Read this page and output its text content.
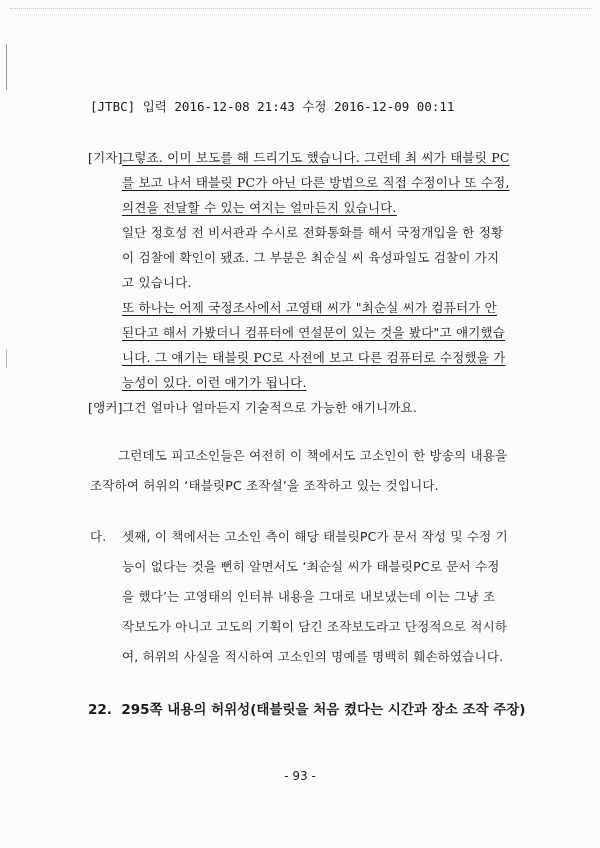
[JTBC] 입력 2016-12-08 21:43 수정 2016-12-09 00:11
[기자] 그렇죠. 이미 보도를 해 드리기도 했습니다. 그런데 최 씨가 태블릿 PC
를 보고 나서 태블릿 PC가 아닌 다른 방법으로 직접 수정이나 또 수정,
의견을 전달할 수 있는 여지는 얼마든지 있습니다.
일단 정호성 전 비서관과 수시로 전화통화를 해서 국정개입을 한 정황
이 검찰에 확인이 됐죠. 그 부분은 최순실 씨 육성파일도 검찰이 가지
고 있습니다.
또 하나는 어제 국정조사에서 고영태 씨가 "최순실 씨가 컴퓨터가 안
된다고 해서 가봤더니 컴퓨터에 연설문이 있는 것을 봤다"고 얘기했습
니다. 그 얘기는 태블릿 PC로 사전에 보고 다른 컴퓨터로 수정했을 가
능성이 있다. 이런 얘기가 됩니다.
[앵커] 그건 얼마나 얼마든지 기술적으로 가능한 얘기니까요.
그런데도 피고소인들은 여전히 이 책에서도 고소인이 한 방송의 내용을
조작하여 허위의 ‘태블릿PC 조작설’을 조작하고 있는 것입니다.
다. 셋째, 이 책에서는 고소인 측이 해당 태블릿PC가 문서 작성 및 수정 기
능이 없다는 것을 뻔히 알면서도 ‘최순실 씨가 태블릿PC로 문서 수정
을 했다’는 고영태의 인터뷰 내용을 그대로 내보냈는데 이는 그냥 조
작보도가 아니고 고도의 기획이 담긴 조작보도라고 단정적으로 적시하
여, 허위의 사실을 적시하여 고소인의 명예를 명백히 훼손하였습니다.
22. 295쪽 내용의 허위성(태블릿을 처음 켰다는 시간과 장소 조작 주장)
- 93 -
